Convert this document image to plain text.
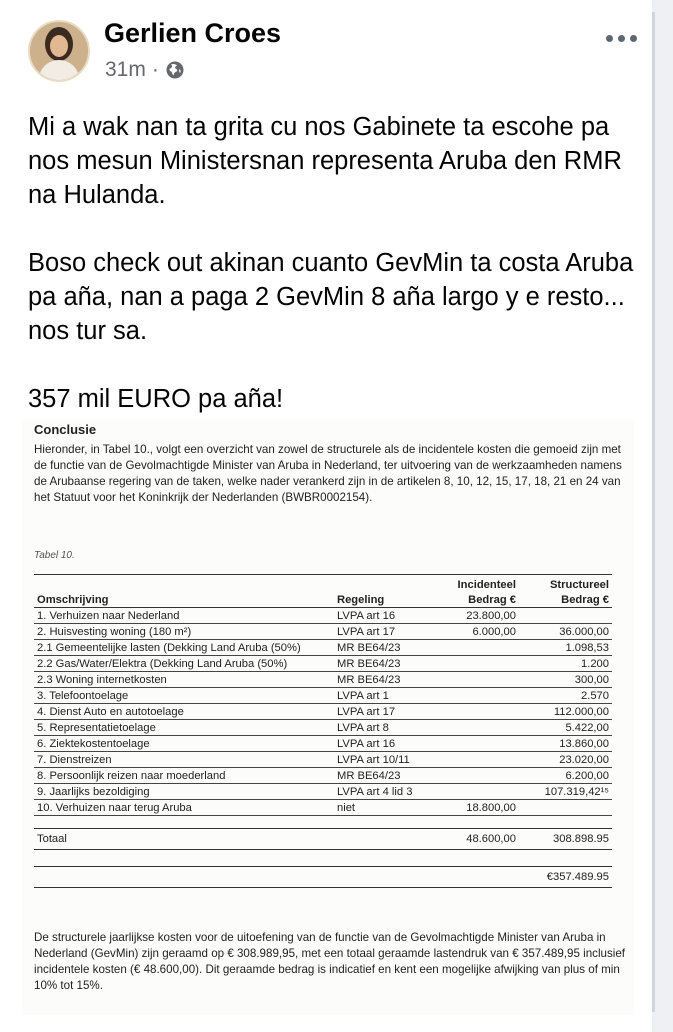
Gerlien Croes
31m ·

Mi a wak nan ta grita cu nos Gabinete ta escohe pa nos mesun Ministersnan representa Aruba den RMR na Hulanda.

Boso check out akinan cuanto GevMin ta costa Aruba pa aña, nan a paga 2 GevMin 8 aña largo y e resto... nos tur sa.

357 mil EURO pa aña!

Conclusie
Hieronder, in Tabel 10., volgt een overzicht van zowel de structurele als de incidentele kosten die gemoeid zijn met de functie van de Gevolmachtigde Minister van Aruba in Nederland, ter uitvoering van de werkzaamheden namens de Arubaanse regering van de taken, welke nader verankerd zijn in de artikelen 8, 10, 12, 15, 17, 18, 21 en 24 van het Statuut voor het Koninkrijk der Nederlanden (BWBR0002154).
Tabel 10.
		Incidenteel	Structureel
Omschrijving	Regeling	Bedrag €	Bedrag €
1. Verhuizen naar Nederland	LVPA art 16	23.800,00	
2. Huisvesting woning (180 m²)	LVPA art 17	6.000,00	36.000,00
2.1 Gemeentelijke lasten (Dekking Land Aruba (50%)	MR BE64/23		1.098,53
2.2 Gas/Water/Elektra (Dekking Land Aruba (50%)	MR BE64/23		1.200
2.3 Woning internetkosten	MR BE64/23		300,00
3. Telefoontoelage	LVPA art 1		2.570
4. Dienst Auto en autotoelage	LVPA art 17		112.000,00
5. Representatietoelage	LVPA art 8		5.422,00
6. Ziektekostentoelage	LVPA art 16		13.860,00
7. Dienstreizen	LVPA art 10/11		23.020,00
8. Persoonlijk reizen naar moederland	MR BE64/23		6.200,00
9. Jaarlijks bezoldiging	LVPA art 4 lid 3		107.319,42¹⁵
10. Verhuizen naar terug Aruba	niet	18.800,00	

Totaal		48.600,00	308.898.95

			€357.489.95
De structurele jaarlijkse kosten voor de uitoefening van de functie van de Gevolmachtigde Minister van Aruba in Nederland (GevMin) zijn geraamd op € 308.989,95, met een totaal geraamde lastendruk van € 357.489,95 inclusief incidentele kosten (€ 48.600,00). Dit geraamde bedrag is indicatief en kent een mogelijke afwijking van plus of min 10% tot 15%.
